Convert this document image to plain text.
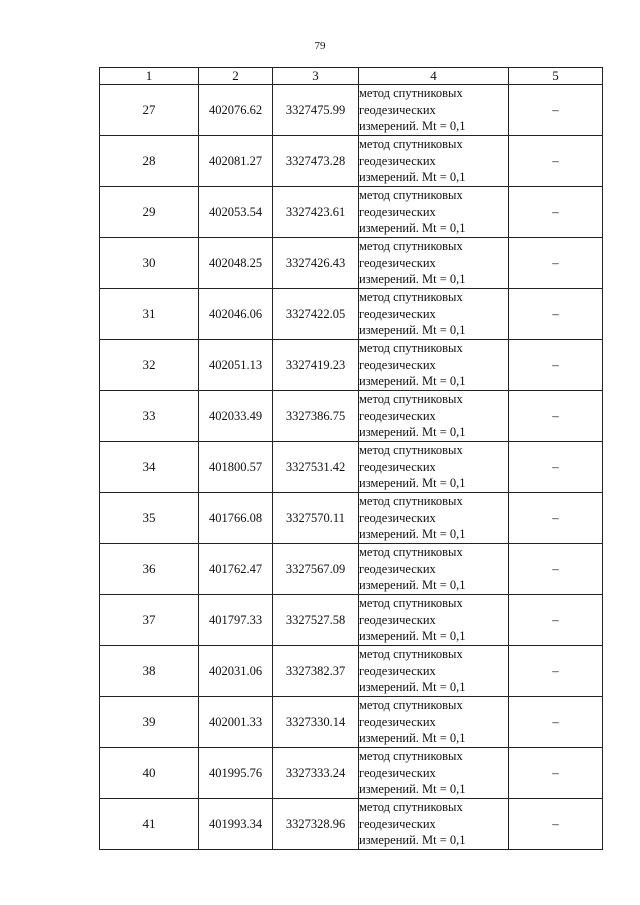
79
1	2	3	4	5
27	402076.62	3327475.99	метод спутниковых
геодезических
измерений. Mt = 0,1	–
28	402081.27	3327473.28	метод спутниковых
геодезических
измерений. Mt = 0,1	–
29	402053.54	3327423.61	метод спутниковых
геодезических
измерений. Mt = 0,1	–
30	402048.25	3327426.43	метод спутниковых
геодезических
измерений. Mt = 0,1	–
31	402046.06	3327422.05	метод спутниковых
геодезических
измерений. Mt = 0,1	–
32	402051.13	3327419.23	метод спутниковых
геодезических
измерений. Mt = 0,1	–
33	402033.49	3327386.75	метод спутниковых
геодезических
измерений. Mt = 0,1	–
34	401800.57	3327531.42	метод спутниковых
геодезических
измерений. Mt = 0,1	–
35	401766.08	3327570.11	метод спутниковых
геодезических
измерений. Mt = 0,1	–
36	401762.47	3327567.09	метод спутниковых
геодезических
измерений. Mt = 0,1	–
37	401797.33	3327527.58	метод спутниковых
геодезических
измерений. Mt = 0,1	–
38	402031.06	3327382.37	метод спутниковых
геодезических
измерений. Mt = 0,1	–
39	402001.33	3327330.14	метод спутниковых
геодезических
измерений. Mt = 0,1	–
40	401995.76	3327333.24	метод спутниковых
геодезических
измерений. Mt = 0,1	–
41	401993.34	3327328.96	метод спутниковых
геодезических
измерений. Mt = 0,1	–
